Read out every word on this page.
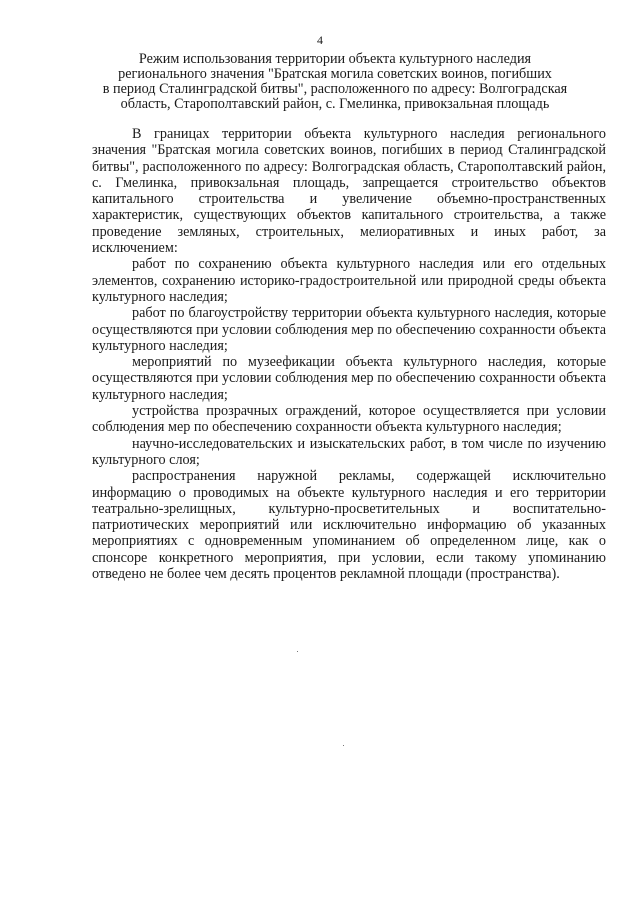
4
Режим использования территории объекта культурного наследия
регионального значения "Братская могила советских воинов, погибших
в период Сталинградской битвы", расположенного по адресу: Волгоградская
область, Старополтавский район, с. Гмелинка, привокзальная площадь

В границах территории объекта культурного наследия регионального значения "Братская могила советских воинов, погибших в период Сталинградской битвы", расположенного по адресу: Волгоградская область, Старополтавский район, с. Гмелинка, привокзальная площадь, запрещается строительство объектов капитального строительства и увеличение объемно-пространственных характеристик, существующих объектов капитального строительства, а также проведение земляных, строительных, мелиоративных и иных работ, за исключением:

работ по сохранению объекта культурного наследия или его отдельных элементов, сохранению историко-градостроительной или природной среды объекта культурного наследия;

работ по благоустройству территории объекта культурного наследия, которые осуществляются при условии соблюдения мер по обеспечению сохранности объекта культурного наследия;

мероприятий по музеефикации объекта культурного наследия, которые осуществляются при условии соблюдения мер по обеспечению сохранности объекта культурного наследия;

устройства прозрачных ограждений, которое осуществляется при условии соблюдения мер по обеспечению сохранности объекта культурного наследия;

научно-исследовательских и изыскательских работ, в том числе по изучению культурного слоя;

распространения наружной рекламы, содержащей исключительно информацию о проводимых на объекте культурного наследия и его территории театрально-зрелищных, культурно-просветительных и воспитательно-патриотических мероприятий или исключительно информацию об указанных мероприятиях с одновременным упоминанием об определенном лице, как о спонсоре конкретного мероприятия, при условии, если такому упоминанию отведено не более чем десять процентов рекламной площади (пространства).
